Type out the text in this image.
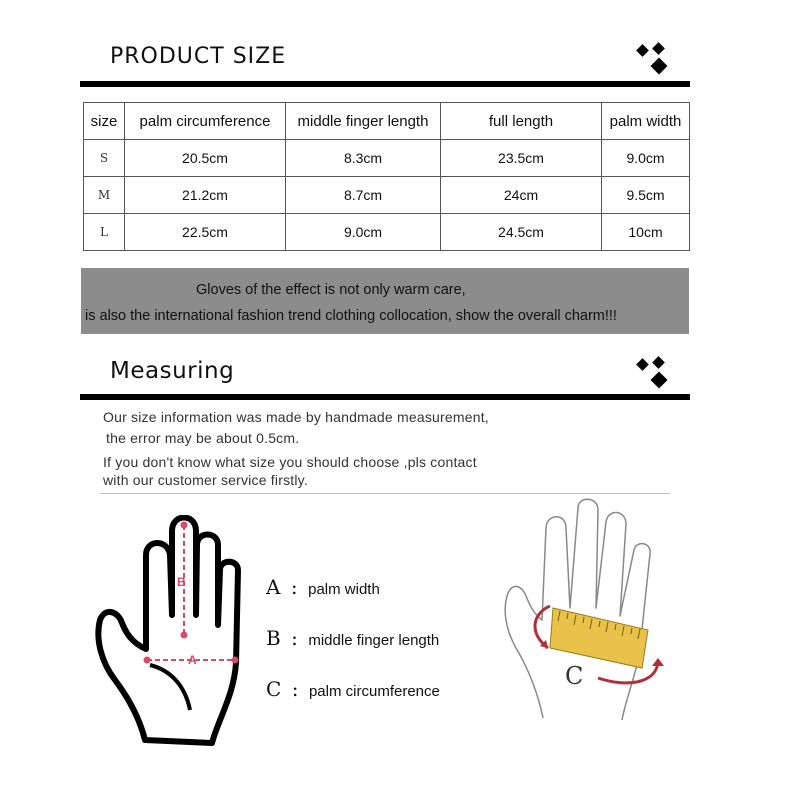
PRODUCT SIZE
size	palm circumference	middle finger length	full length	palm width
S	20.5cm	8.3cm	23.5cm	9.0cm
M	21.2cm	8.7cm	24cm	9.5cm
L	22.5cm	9.0cm	24.5cm	10cm
Gloves of the effect is not only warm care,
is also the international fashion trend clothing collocation, show the overall charm!!!
Measuring
Our size information was made by handmade measurement,
the error may be about 0.5cm.
If you don't know what size you should choose ,pls contact
with our customer service firstly.
B
A
A : palm width
B : middle finger length
C : palm circumference
C
